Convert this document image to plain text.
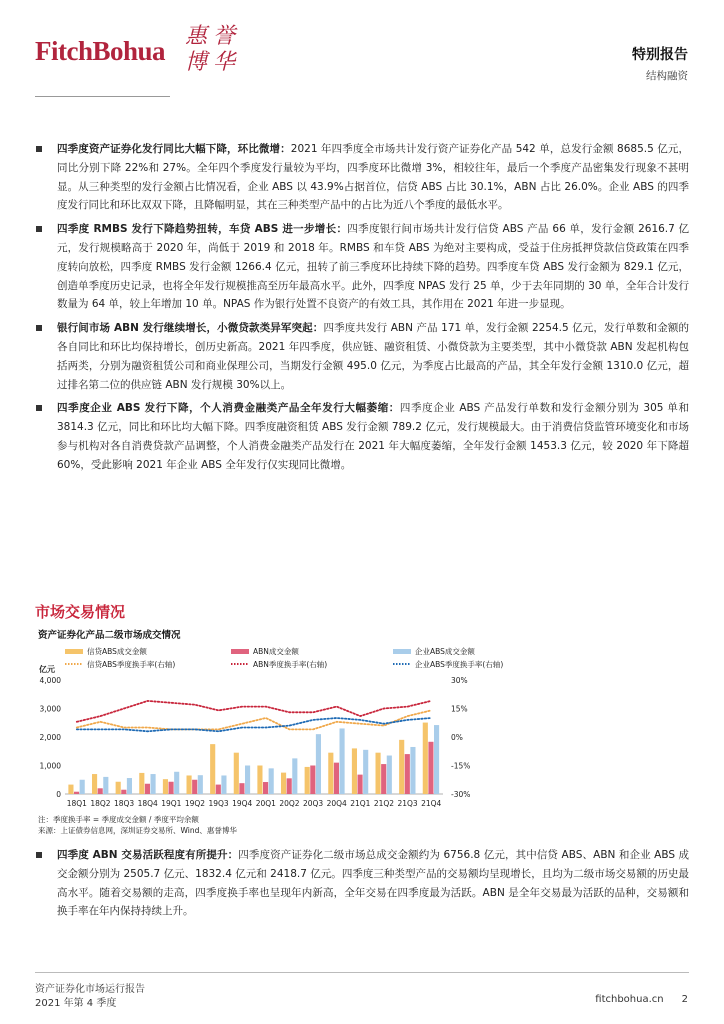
FitchBohua 惠 誉
博 华	特别报告
结构融资
四季度资产证券化发行同比大幅下降，环比微增：2021 年四季度全市场共计发行资产证券化产品 542 单，总发行金额 8685.5 亿元，同比分别下降 22%和 27%。全年四个季度发行量较为平均，四季度环比微增 3%，相较往年，最后一个季度产品密集发行现象不甚明显。从三种类型的发行金额占比情况看，企业 ABS 以 43.9%占据首位，信贷 ABS 占比 30.1%，ABN 占比 26.0%。企业 ABS 的四季度发行同比和环比双双下降，且降幅明显，其在三种类型产品中的占比为近八个季度的最低水平。
四季度 RMBS 发行下降趋势扭转，车贷 ABS 进一步增长：四季度银行间市场共计发行信贷 ABS 产品 66 单，发行金额 2616.7 亿元，发行规模略高于 2020 年，尚低于 2019 和 2018 年。RMBS 和车贷 ABS 为绝对主要构成，受益于住房抵押贷款信贷政策在四季度转向放松，四季度 RMBS 发行金额 1266.4 亿元，扭转了前三季度环比持续下降的趋势。四季度车贷 ABS 发行金额为 829.1 亿元，创造单季度历史记录，也将全年发行规模推高至历年最高水平。此外，四季度 NPAS 发行 25 单，少于去年同期的 30 单，全年合计发行数量为 64 单，较上年增加 10 单。NPAS 作为银行处置不良资产的有效工具，其作用在 2021 年进一步显现。
银行间市场 ABN 发行继续增长，小微贷款类异军突起：四季度共发行 ABN 产品 171 单，发行金额 2254.5 亿元，发行单数和金额的各自同比和环比均保持增长，创历史新高。2021 年四季度，供应链、融资租赁、小微贷款为主要类型，其中小微贷款 ABN 发起机构包括两类，分别为融资租赁公司和商业保理公司，当期发行金额 495.0 亿元，为季度占比最高的产品，其全年发行金额 1310.0 亿元，超过排名第二位的供应链 ABN 发行规模 30%以上。
四季度企业 ABS 发行下降，个人消费金融类产品全年发行大幅萎缩：四季度企业 ABS 产品发行单数和发行金额分别为 305 单和 3814.3 亿元，同比和环比均大幅下降。四季度融资租赁 ABS 发行金额 789.2 亿元，发行规模最大。由于消费信贷监管环境变化和市场参与机构对各自消费贷款产品调整，个人消费金融类产品发行在 2021 年大幅度萎缩，全年发行金额 1453.3 亿元，较 2020 年下降超 60%，受此影响 2021 年企业 ABS 全年发行仅实现同比微增。
市场交易情况
资产证券化产品二级市场成交情况
信贷ABS成交金额	ABN成交金额	企业ABS成交金额
信贷ABS季度换手率(右轴)	ABN季度换手率(右轴)	企业ABS季度换手率(右轴)
亿元
0
1,000
2,000
3,000
4,000
-30%
-15%
0%
15%
30%
18Q1 18Q2 18Q3 18Q4 19Q1 19Q2 19Q3 19Q4 20Q1 20Q2 20Q3 20Q4 21Q1 21Q2 21Q3 21Q4
注：季度换手率 = 季度成交金额 / 季度平均余额
来源：上证债券信息网，深圳证券交易所、Wind、惠誉博华
四季度 ABN 交易活跃程度有所提升：四季度资产证券化二级市场总成交金额约为 6756.8 亿元，其中信贷 ABS、ABN 和企业 ABS 成交金额分别为 2505.7 亿元、1832.4 亿元和 2418.7 亿元。四季度三种类型产品的交易额均呈现增长，且均为二级市场交易额的历史最高水平。随着交易额的走高，四季度换手率也呈现年内新高，全年交易在四季度最为活跃。ABN 是全年交易最为活跃的品种，交易额和换手率在年内保持持续上升。
资产证券化市场运行报告
2021 年第 4 季度	fitchbohua.cn 2
